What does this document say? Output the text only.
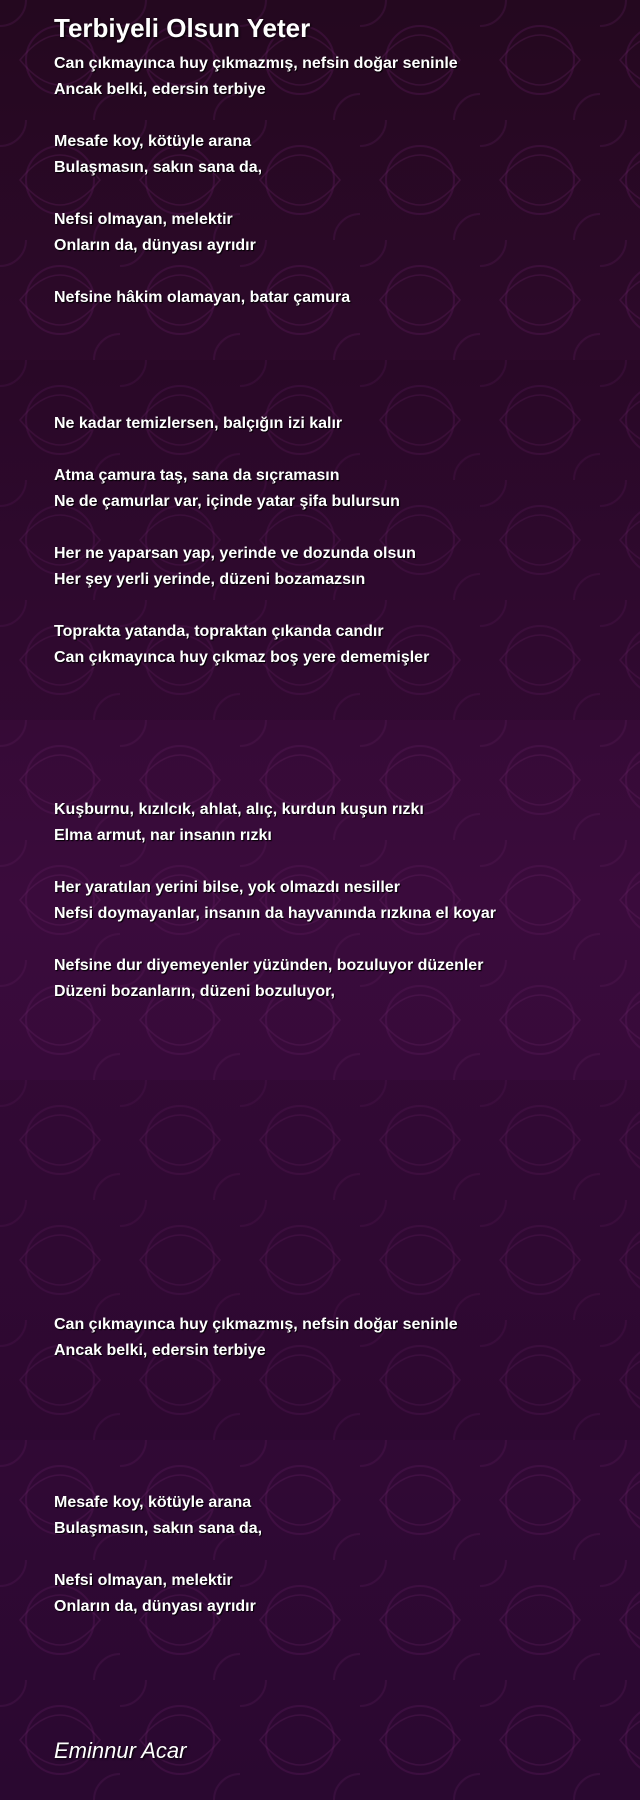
Terbiyeli Olsun Yeter

Can çıkmayınca huy çıkmazmış, nefsin doğar seninle

Ancak belki, edersin terbiye

Mesafe koy, kötüyle arana

Bulaşmasın, sakın sana da,

Nefsi olmayan, melektir

Onların da, dünyası ayrıdır

Nefsine hâkim olamayan, batar çamura

Ne kadar temizlersen, balçığın izi kalır

Atma çamura taş, sana da sıçramasın

Ne de çamurlar var, içinde yatar şifa bulursun

Her ne yaparsan yap, yerinde ve dozunda olsun

Her şey yerli yerinde, düzeni bozamazsın

Toprakta yatanda, topraktan çıkanda candır

Can çıkmayınca huy çıkmaz boş yere dememişler

Kuşburnu, kızılcık, ahlat, alıç, kurdun kuşun rızkı

Elma armut, nar insanın rızkı

Her yaratılan yerini bilse, yok olmazdı nesiller

Nefsi doymayanlar, insanın da hayvanında rızkına el koyar

Nefsine dur diyemeyenler yüzünden, bozuluyor düzenler

Düzeni bozanların, düzeni bozuluyor,

Can çıkmayınca huy çıkmazmış, nefsin doğar seninle

Ancak belki, edersin terbiye

Mesafe koy, kötüyle arana

Bulaşmasın, sakın sana da,

Nefsi olmayan, melektir

Onların da, dünyası ayrıdır

Eminnur Acar
